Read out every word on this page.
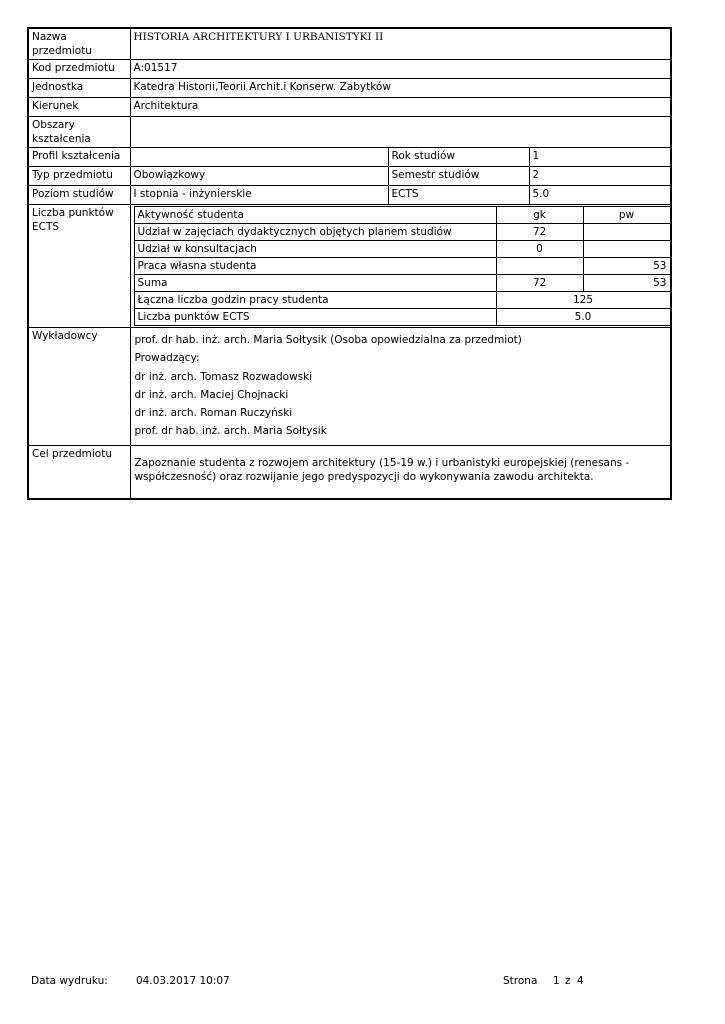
Nazwa przedmiotu	HISTORIA ARCHITEKTURY I URBANISTYKI II
Kod przedmiotu	A:01517
Jednostka	Katedra Historii,Teorii Archit.i Konserw. Zabytków
Kierunek	Architektura
Obszary kształcenia	
Profil kształcenia		Rok studiów	1
Typ przedmiotu	Obowiązkowy	Semestr studiów	2
Poziom studiów	I stopnia - inżynierskie	ECTS	5.0
Liczba punktów ECTS	
Aktywność studenta	gk	pw
Udział w zajęciach dydaktycznych objętych planem studiów	72	
Udział w konsultacjach	0	
Praca własna studenta		53
Suma	72	53
Łączna liczba godzin pracy studenta	125
Liczba punktów ECTS	5.0

Wykładowcy	prof. dr hab. inż. arch. Maria Sołtysik (Osoba opowiedzialna za przedmiot)

Prowadzący:

dr inż. arch. Tomasz Rozwadowski

dr inż. arch. Maciej Chojnacki

dr inż. arch. Roman Ruczyński

prof. dr hab. inż. arch. Maria Sołtysik

Cel przedmiotu	Zapoznanie studenta z rozwojem architektury (15-19 w.) i urbanistyki europejskiej (renesans - współczesność) oraz rozwijanie jego predyspozycji do wykonywania zawodu architekta.
Data wydruku:	04.03.2017 10:07	Strona 1 z 4
